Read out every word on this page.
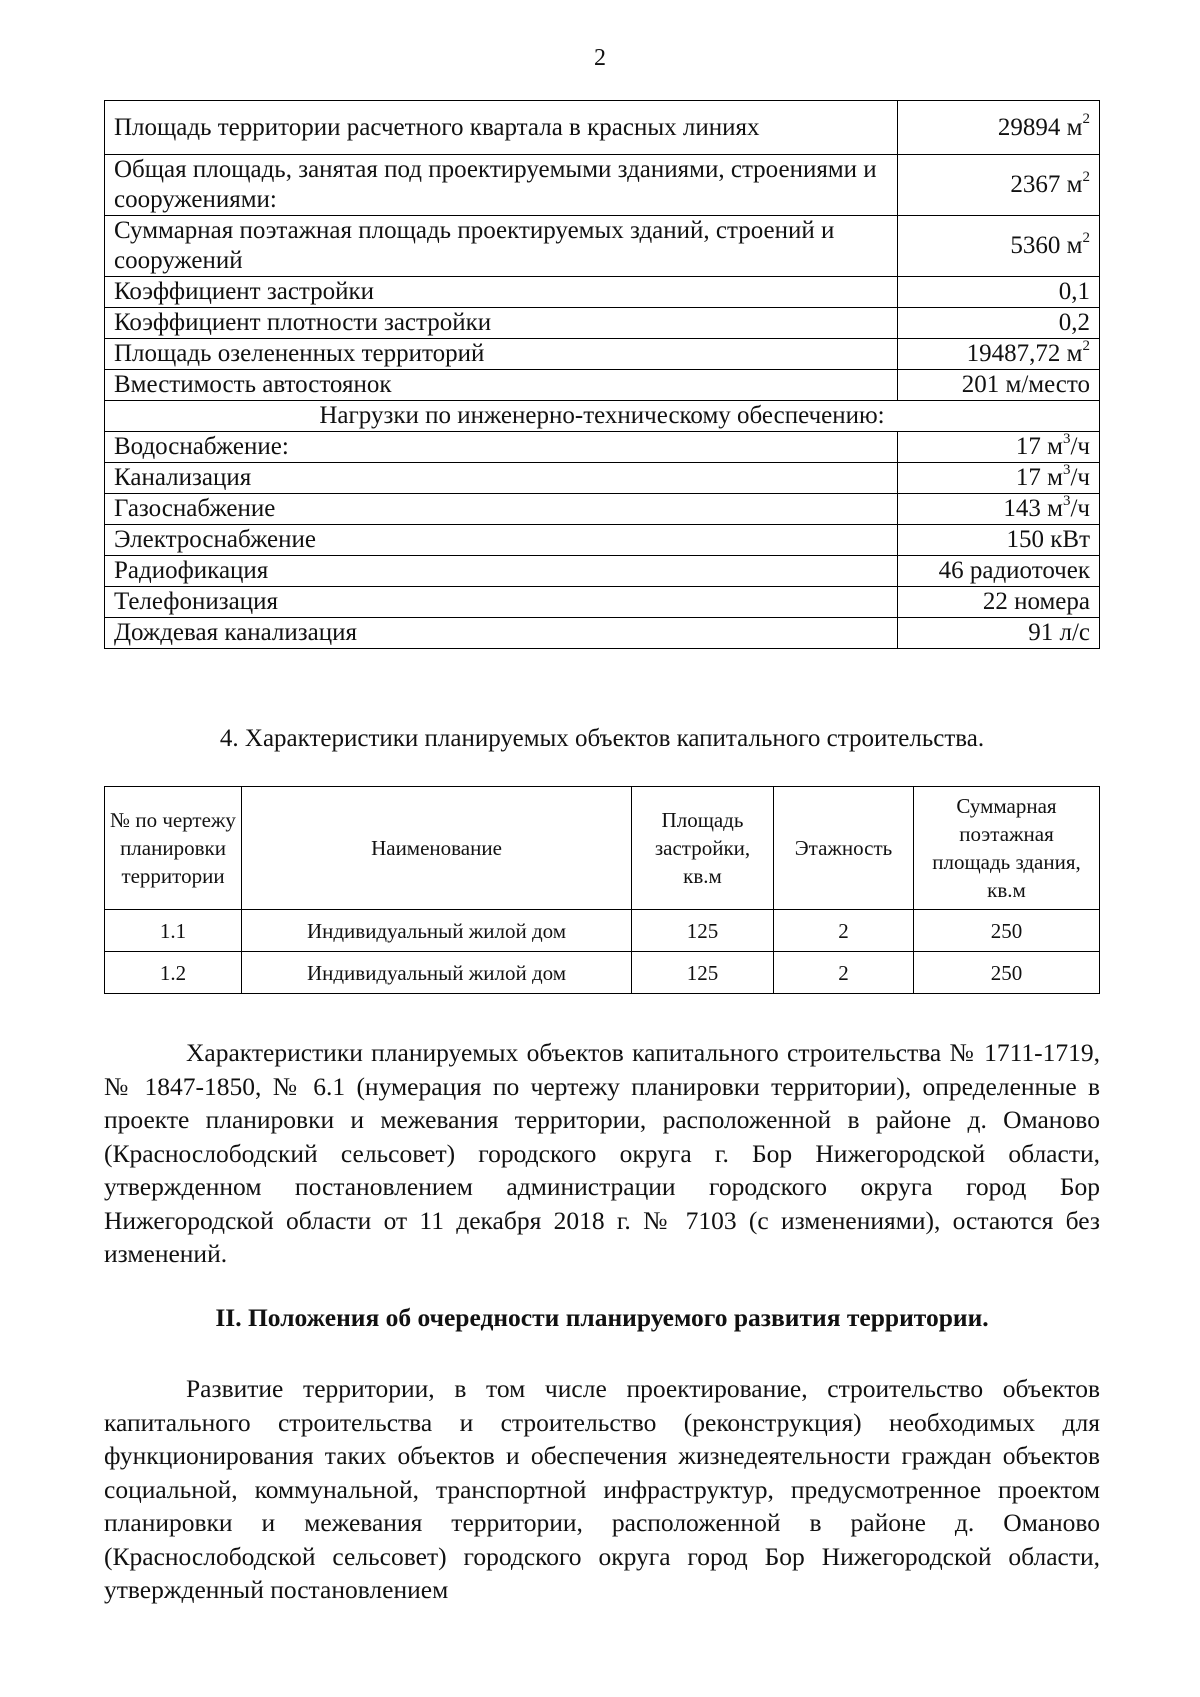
2
Площадь территории расчетного квартала в красных линиях	29894 $м^2$
Общая площадь, занятая под проектируемыми зданиями, строениями и сооружениями:	2367 $м^2$
Суммарная поэтажная площадь проектируемых зданий, строений и сооружений	5360 $м^2$
Коэффициент застройки	0,1
Коэффициент плотности застройки	0,2
Площадь озелененных территорий	19487,72 $м^2$
Вместимость автостоянок	201 м/место
Нагрузки по инженерно-техническому обеспечению:	
Водоснабжение:	17 $м^3/ч$
Канализация	17 $м^3/ч$
Газоснабжение	143 $м^3/ч$
Электроснабжение	150 кВт
Радиофикация	46 радиоточек
Телефонизация	22 номера
Дождевая канализация	91 л/с
4. Характеристики планируемых объектов капитального строительства.
№ по чертежу планировки территории	Наименование	Площадь застройки, кв.м	Этажность	Суммарная поэтажная площадь здания, кв.м
1.1	Индивидуальный жилой дом	125	2	250
1.2	Индивидуальный жилой дом	125	2	250

Характеристики планируемых объектов капитального строительства № 1711-1719, № 1847-1850, № 6.1 (нумерация по чертежу планировки территории), определенные в проекте планировки и межевания территории, расположенной в районе д. Омановo (Краснослободский сельсовет) городского округа г. Бор Нижегородской области, утвержденном постановлением администрации городского округа город Бор Нижегородской области от 11 декабря 2018 г. № 7103 (с изменениями), остаются без изменений.

II. Положения об очередности планируемого развития территории.

Развитие территории, в том числе проектирование, строительство объектов капитального строительства и строительство (реконструкция) необходимых для функционирования таких объектов и обеспечения жизнедеятельности граждан объектов социальной, коммунальной, транспортной инфраструктур, предусмотренное проектом планировки и межевания территории, расположенной в районе д. Оманово (Краснослободской сельсовет) городского округа город Бор Нижегородской области, утвержденный постановлением
